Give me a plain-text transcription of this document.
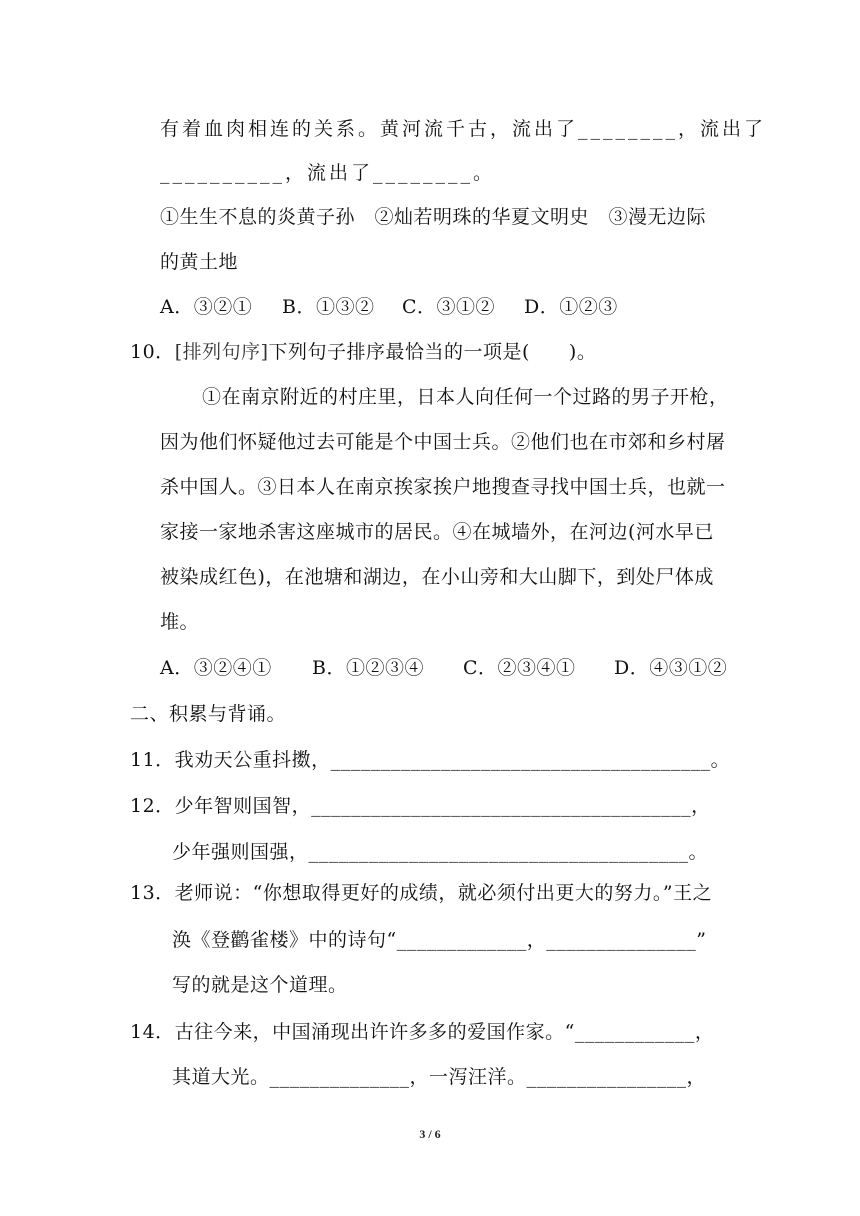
有着血肉相连的关系。黄河流千古，流出了________，流出了
__________，流出了________。
①生生不息的炎黄子孙　②灿若明珠的华夏文明史　③漫无边际
的黄土地
A．③②① B．①③② C．③①② D．①②③
10．[排列句序]下列句子排序最恰当的一项是(　　)。
①在南京附近的村庄里，日本人向任何一个过路的男子开枪，
因为他们怀疑他过去可能是个中国士兵。②他们也在市郊和乡村屠
杀中国人。③日本人在南京挨家挨户地搜查寻找中国士兵，也就一
家接一家地杀害这座城市的居民。④在城墙外，在河边(河水早已
被染成红色)，在池塘和湖边，在小山旁和大山脚下，到处尸体成
堆。
A．③②④① B．①②③④ C．②③④① D．④③①②
二、积累与背诵。
11．我劝天公重抖擞，______________________________________。
12．少年智则国智，______________________________________，
少年强则国强，______________________________________。
13．老师说：“你想取得更好的成绩，就必须付出更大的努力。”王之
涣《登鹳雀楼》中的诗句“_____________，_______________”
写的就是这个道理。
14．古往今来，中国涌现出许许多多的爱国作家。“____________，
其道大光。______________，一泻汪洋。________________，
3 / 6
